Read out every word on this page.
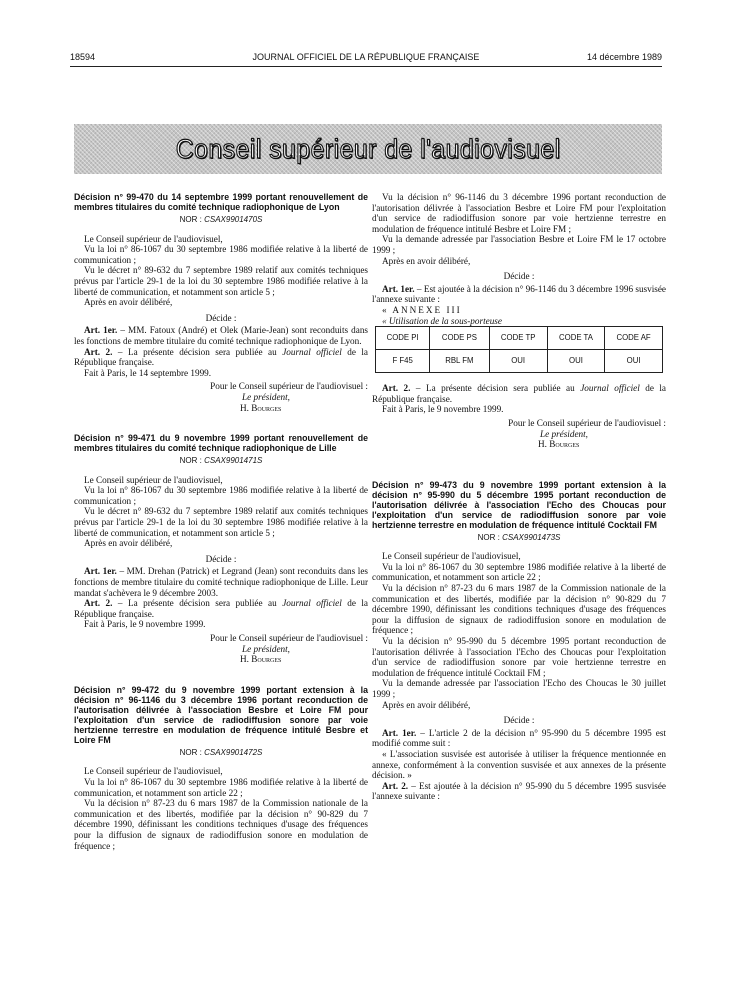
18594	JOURNAL OFFICIEL DE LA RÉPUBLIQUE FRANÇAISE	14 décembre 1989
Conseil supérieur de l'audiovisuel

Décision n° 99-470 du 14 septembre 1999 portant renouvellement de membres titulaires du comité technique radiophonique de Lyon

NOR : CSAX9901470S

Le Conseil supérieur de l'audiovisuel,

Vu la loi n° 86-1067 du 30 septembre 1986 modifiée relative à la liberté de communication ;

Vu le décret n° 89-632 du 7 septembre 1989 relatif aux comités techniques prévus par l'article 29-1 de la loi du 30 septembre 1986 modifiée relative à la liberté de communication, et notamment son article 5 ;

Après en avoir délibéré,

Décide :

Art. 1er. – MM. Fatoux (André) et Olek (Marie-Jean) sont reconduits dans les fonctions de membre titulaire du comité technique radiophonique de Lyon.

Art. 2. – La présente décision sera publiée au Journal officiel de la République française.

Fait à Paris, le 14 septembre 1999.

Pour le Conseil supérieur de l'audiovisuel :

Le président,

H. Bourges

Décision n° 99-471 du 9 novembre 1999 portant renouvellement de membres titulaires du comité technique radiophonique de Lille

NOR : CSAX9901471S

Le Conseil supérieur de l'audiovisuel,

Vu la loi n° 86-1067 du 30 septembre 1986 modifiée relative à la liberté de communication ;

Vu le décret n° 89-632 du 7 septembre 1989 relatif aux comités techniques prévus par l'article 29-1 de la loi du 30 septembre 1986 modifiée relative à la liberté de communication, et notamment son article 5 ;

Après en avoir délibéré,

Décide :

Art. 1er. – MM. Drehan (Patrick) et Legrand (Jean) sont reconduits dans les fonctions de membre titulaire du comité technique radiophonique de Lille. Leur mandat s'achèvera le 9 décembre 2003.

Art. 2. – La présente décision sera publiée au Journal officiel de la République française.

Fait à Paris, le 9 novembre 1999.

Pour le Conseil supérieur de l'audiovisuel :

Le président,

H. Bourges

Décision n° 99-472 du 9 novembre 1999 portant extension à la décision n° 96-1146 du 3 décembre 1996 portant reconduction de l'autorisation délivrée à l'association Besbre et Loire FM pour l'exploitation d'un service de radiodiffusion sonore par voie hertzienne terrestre en modulation de fréquence intitulé Besbre et Loire FM

NOR : CSAX9901472S

Le Conseil supérieur de l'audiovisuel,

Vu la loi n° 86-1067 du 30 septembre 1986 modifiée relative à la liberté de communication, et notamment son article 22 ;

Vu la décision n° 87-23 du 6 mars 1987 de la Commission nationale de la communication et des libertés, modifiée par la décision n° 90-829 du 7 décembre 1990, définissant les conditions techniques d'usage des fréquences pour la diffusion de signaux de radiodiffusion sonore en modulation de fréquence ;

Vu la décision n° 96-1146 du 3 décembre 1996 portant reconduction de l'autorisation délivrée à l'association Besbre et Loire FM pour l'exploitation d'un service de radiodiffusion sonore par voie hertzienne terrestre en modulation de fréquence intitulé Besbre et Loire FM ;

Vu la demande adressée par l'association Besbre et Loire FM le 17 octobre 1999 ;

Après en avoir délibéré,

Décide :

Art. 1er. – Est ajoutée à la décision n° 96-1146 du 3 décembre 1996 susvisée l'annexe suivante :

« ANNEXE III

« Utilisation de la sous-porteuse

CODE PI	CODE PS	CODE TP	CODE TA	CODE AF
F F45	RBL FM	OUI	OUI	OUI

Art. 2. – La présente décision sera publiée au Journal officiel de la République française.

Fait à Paris, le 9 novembre 1999.

Pour le Conseil supérieur de l'audiovisuel :

Le président,

H. Bourges

Décision n° 99-473 du 9 novembre 1999 portant extension à la décision n° 95-990 du 5 décembre 1995 portant reconduction de l'autorisation délivrée à l'association l'Echo des Choucas pour l'exploitation d'un service de radiodiffusion sonore par voie hertzienne terrestre en modulation de fréquence intitulé Cocktail FM

NOR : CSAX9901473S

Le Conseil supérieur de l'audiovisuel,

Vu la loi n° 86-1067 du 30 septembre 1986 modifiée relative à la liberté de communication, et notamment son article 22 ;

Vu la décision n° 87-23 du 6 mars 1987 de la Commission nationale de la communication et des libertés, modifiée par la décision n° 90-829 du 7 décembre 1990, définissant les conditions techniques d'usage des fréquences pour la diffusion de signaux de radiodiffusion sonore en modulation de fréquence ;

Vu la décision n° 95-990 du 5 décembre 1995 portant reconduction de l'autorisation délivrée à l'association l'Echo des Choucas pour l'exploitation d'un service de radiodiffusion sonore par voie hertzienne terrestre en modulation de fréquence intitulé Cocktail FM ;

Vu la demande adressée par l'association l'Echo des Choucas le 30 juillet 1999 ;

Après en avoir délibéré,

Décide :

Art. 1er. – L'article 2 de la décision n° 95-990 du 5 décembre 1995 est modifié comme suit :

« L'association susvisée est autorisée à utiliser la fréquence mentionnée en annexe, conformément à la convention susvisée et aux annexes de la présente décision. »

Art. 2. – Est ajoutée à la décision n° 95-990 du 5 décembre 1995 susvisée l'annexe suivante :
